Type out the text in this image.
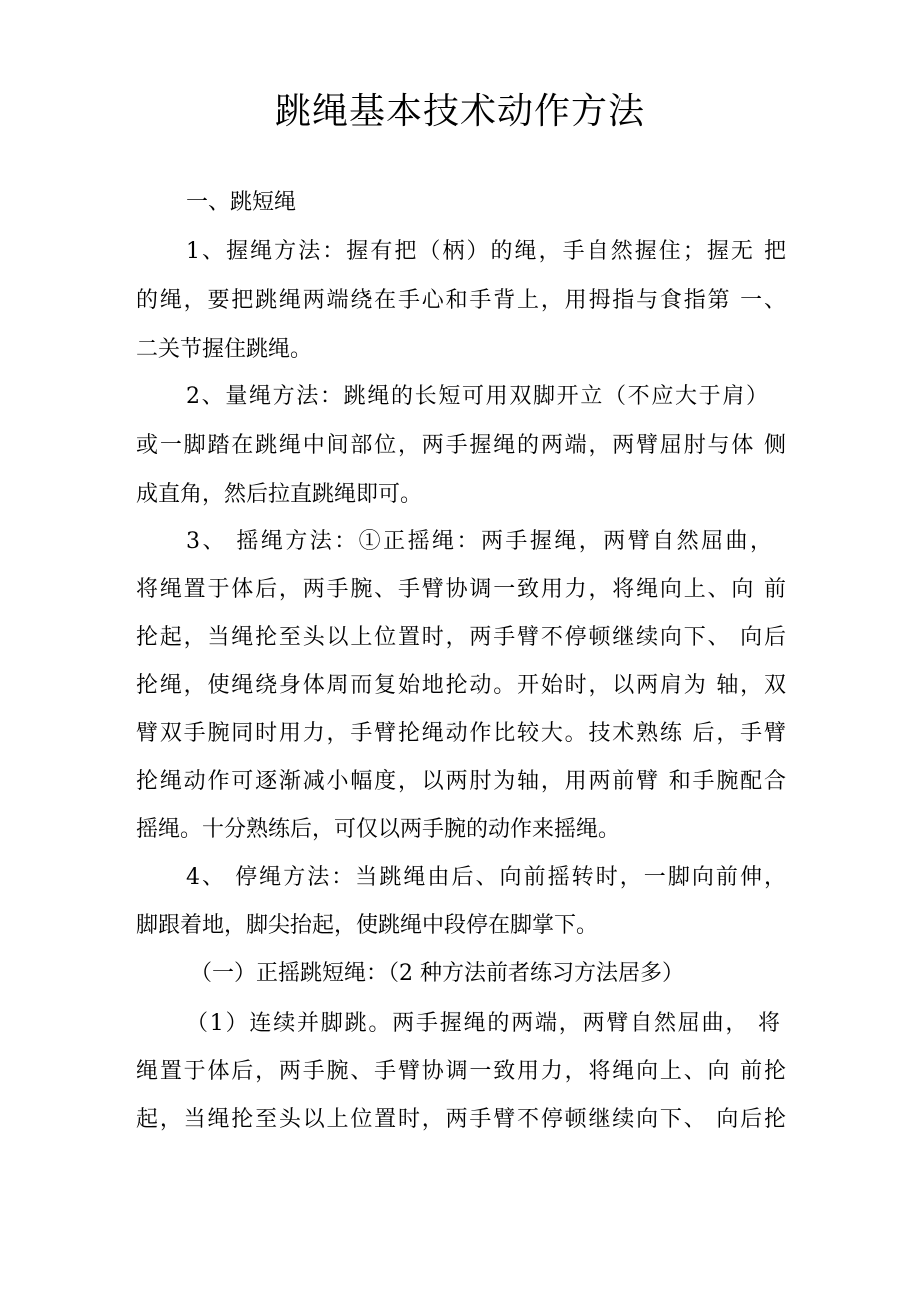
跳绳基本技术动作方法
一、跳短绳
1、握绳方法：握有把（柄）的绳，手自然握住；握无 把
的绳，要把跳绳两端绕在手心和手背上，用拇指与食指第 一、
二关节握住跳绳。
2、量绳方法：跳绳的长短可用双脚开立（不应大于肩）
或一脚踏在跳绳中间部位，两手握绳的两端，两臂屈肘与体 侧
成直角，然后拉直跳绳即可。
3、 摇绳方法：①正摇绳：两手握绳，两臂自然屈曲，
将绳置于体后，两手腕、手臂协调一致用力，将绳向上、向 前
抡起，当绳抡至头以上位置时，两手臂不停顿继续向下、 向后
抡绳，使绳绕身体周而复始地抡动。开始时，以两肩为 轴，双
臂双手腕同时用力，手臂抡绳动作比较大。技术熟练 后，手臂
抡绳动作可逐渐减小幅度，以两肘为轴，用两前臂 和手腕配合
摇绳。十分熟练后，可仅以两手腕的动作来摇绳。
4、 停绳方法：当跳绳由后、向前摇转时，一脚向前伸，
脚跟着地，脚尖抬起，使跳绳中段停在脚掌下。
（一）正摇跳短绳：（2 种方法前者练习方法居多）
（1）连续并脚跳。两手握绳的两端，两臂自然屈曲， 将
绳置于体后，两手腕、手臂协调一致用力，将绳向上、向 前抡
起，当绳抡至头以上位置时，两手臂不停顿继续向下、 向后抡
